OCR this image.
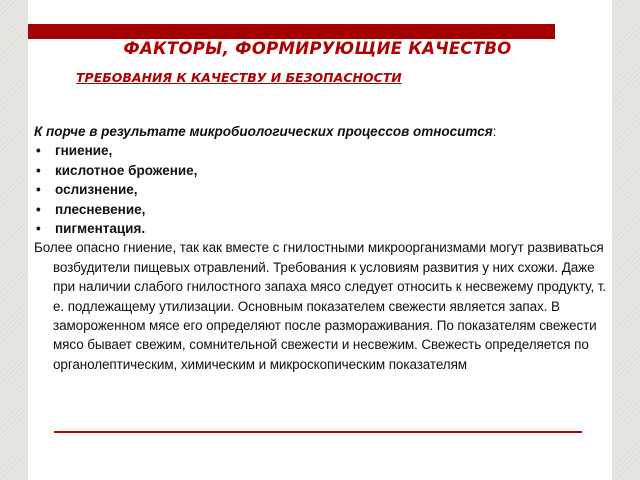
ФАКТОРЫ, ФОРМИРУЮЩИЕ КАЧЕСТВО
ТРЕБОВАНИЯ К КАЧЕСТВУ И БЕЗОПАСНОСТИ
К порче в результате микробиологических процессов относится:
• гниение,
• кислотное брожение,
• ослизнение,
• плесневение,
• пигментация.

Более опасно гниение, так как вместе с гнилостными микроорганизмами могут развиваться возбудители пищевых отравлений. Требования к условиям развития у них схожи. Даже при наличии слабого гнилостного запаха мясо следует относить к несвежему продукту, т. е. подлежащему утилизации. Основным показателем свежести является запах. В замороженном мясе его определяют после размораживания. По показателям свежести мясо бывает свежим, сомнительной свежести и несвежим. Свежесть определяется по органолептическим, химическим и микроскопическим показателям
